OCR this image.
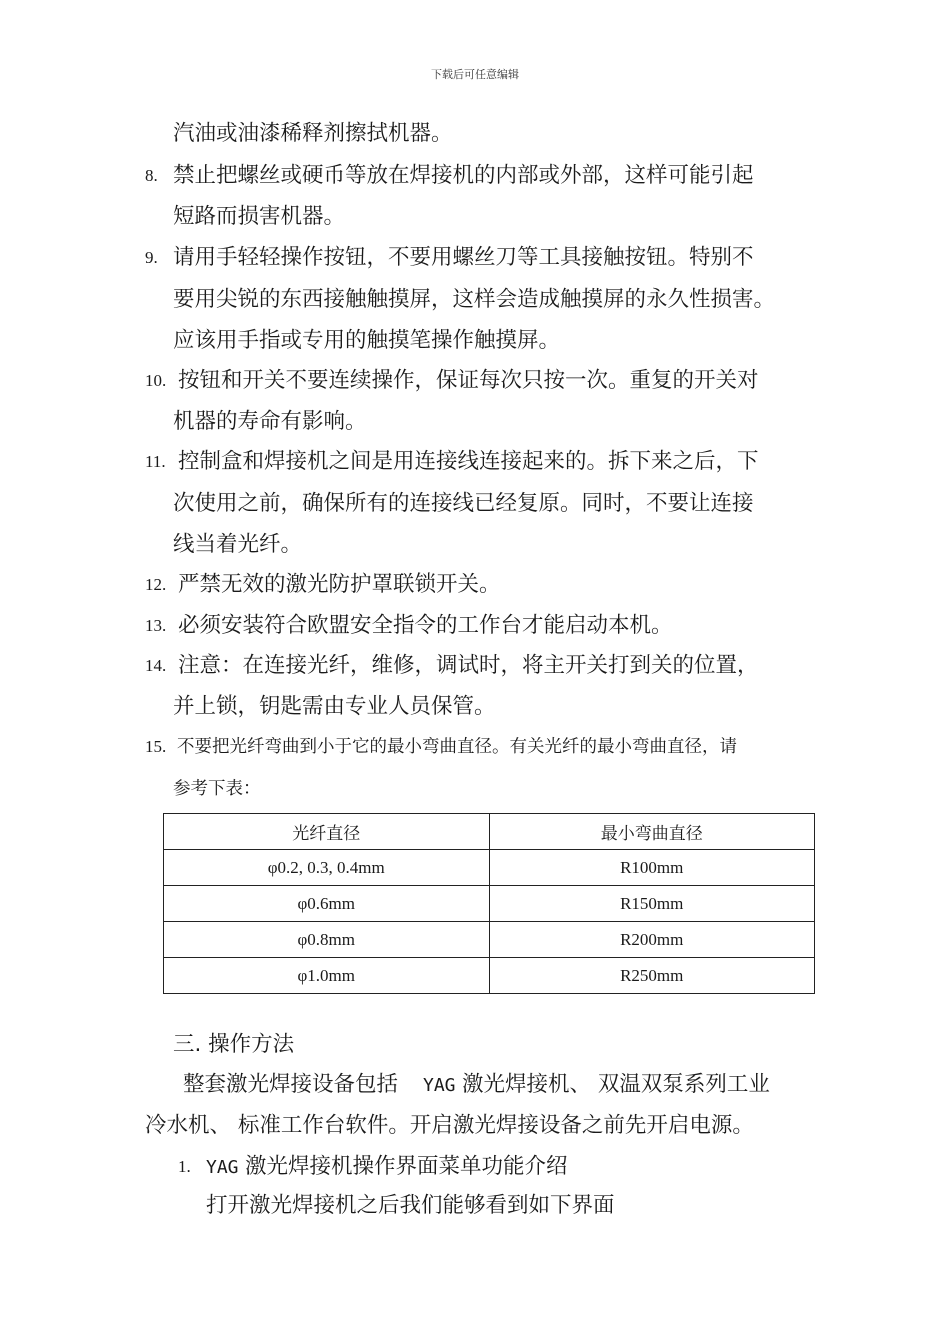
下载后可任意编辑
汽油或油漆稀释剂擦拭机器。
8. 禁止把螺丝或硬币等放在焊接机的内部或外部，这样可能引起
短路而损害机器。
9. 请用手轻轻操作按钮，不要用螺丝刀等工具接触按钮。特别不
要用尖锐的东西接触触摸屏，这样会造成触摸屏的永久性损害。
应该用手指或专用的触摸笔操作触摸屏。
10. 按钮和开关不要连续操作，保证每次只按一次。重复的开关对
机器的寿命有影响。
11. 控制盒和焊接机之间是用连接线连接起来的。拆下来之后，下
次使用之前，确保所有的连接线已经复原。同时，不要让连接
线当着光纤。
12. 严禁无效的激光防护罩联锁开关。
13. 必须安装符合欧盟安全指令的工作台才能启动本机。
14. 注意：在连接光纤，维修，调试时，将主开关打到关的位置，
并上锁，钥匙需由专业人员保管。
15. 不要把光纤弯曲到小于它的最小弯曲直径。有关光纤的最小弯曲直径，请
参考下表：
光纤直径	最小弯曲直径
φ0.2, 0.3, 0.4mm	R100mm
φ0.6mm	R150mm
φ0.8mm	R200mm
φ1.0mm	R250mm
三. 操作方法
整套激光焊接设备包括 YAG 激光焊接机、 双温双泵系列工业
冷水机、 标准工作台软件。开启激光焊接设备之前先开启电源。
1. YAG 激光焊接机操作界面菜单功能介绍
打开激光焊接机之后我们能够看到如下界面
